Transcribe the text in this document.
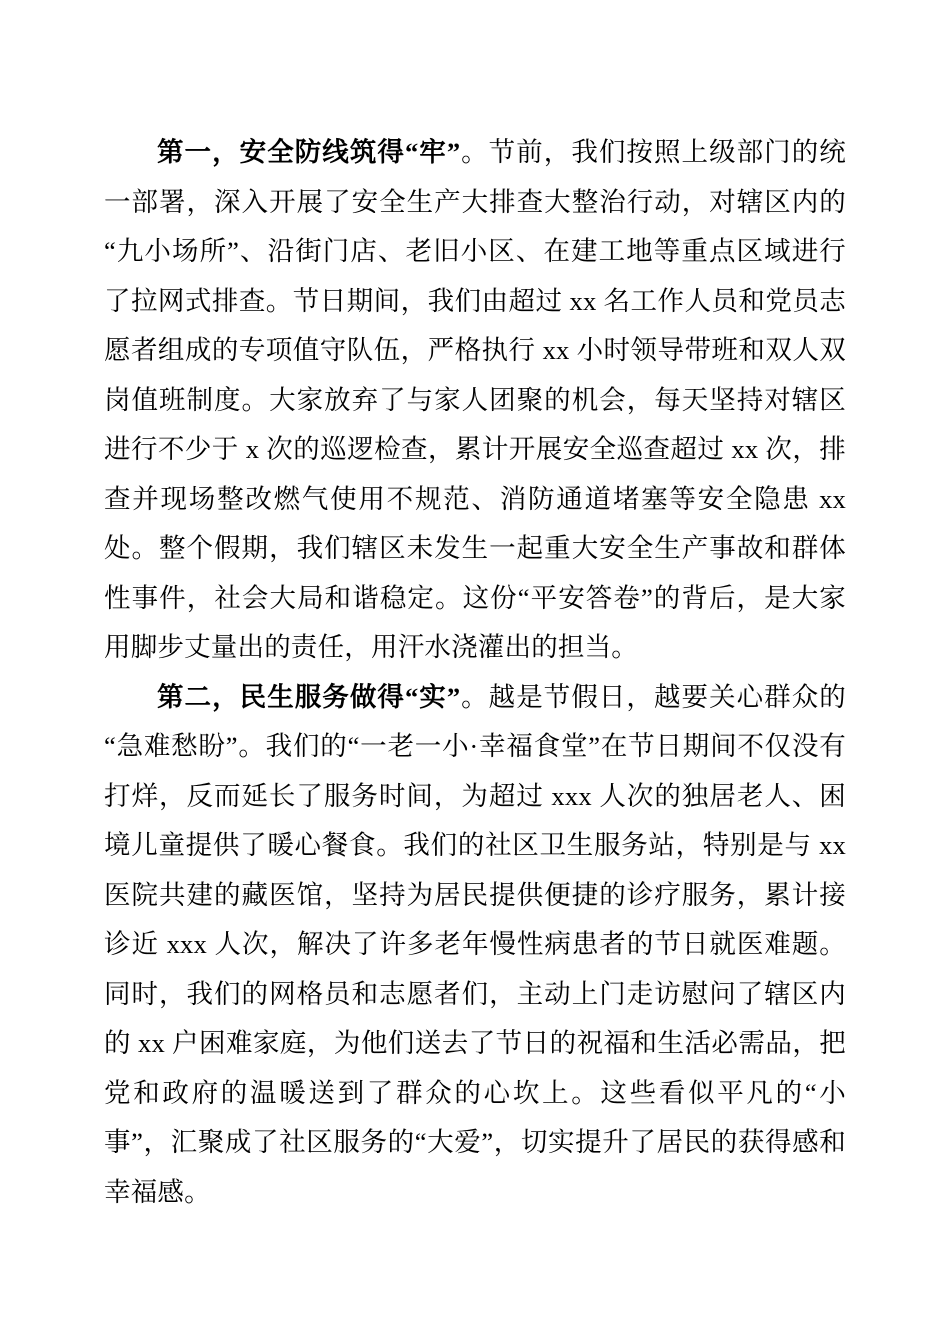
第一，安全防线筑得“牢”。节前，我们按照上级部门的统一部署，深入开展了安全生产大排查大整治行动，对辖区内的“九小场所”、沿街门店、老旧小区、在建工地等重点区域进行了拉网式排查。节日期间，我们由超过 xx 名工作人员和党员志愿者组成的专项值守队伍，严格执行 xx 小时领导带班和双人双岗值班制度。大家放弃了与家人团聚的机会，每天坚持对辖区进行不少于 x 次的巡逻检查，累计开展安全巡查超过 xx 次，排查并现场整改燃气使用不规范、消防通道堵塞等安全隐患 xx 处。整个假期，我们辖区未发生一起重大安全生产事故和群体性事件，社会大局和谐稳定。这份“平安答卷”的背后，是大家用脚步丈量出的责任，用汗水浇灌出的担当。

第二，民生服务做得“实”。越是节假日，越要关心群众的“急难愁盼”。我们的“一老一小·幸福食堂”在节日期间不仅没有打烊，反而延长了服务时间，为超过 xxx 人次的独居老人、困境儿童提供了暖心餐食。我们的社区卫生服务站，特别是与 xx 医院共建的藏医馆，坚持为居民提供便捷的诊疗服务，累计接诊近 xxx 人次，解决了许多老年慢性病患者的节日就医难题。同时，我们的网格员和志愿者们，主动上门走访慰问了辖区内的 xx 户困难家庭，为他们送去了节日的祝福和生活必需品，把党和政府的温暖送到了群众的心坎上。这些看似平凡的“小事”，汇聚成了社区服务的“大爱”，切实提升了居民的获得感和幸福感。
